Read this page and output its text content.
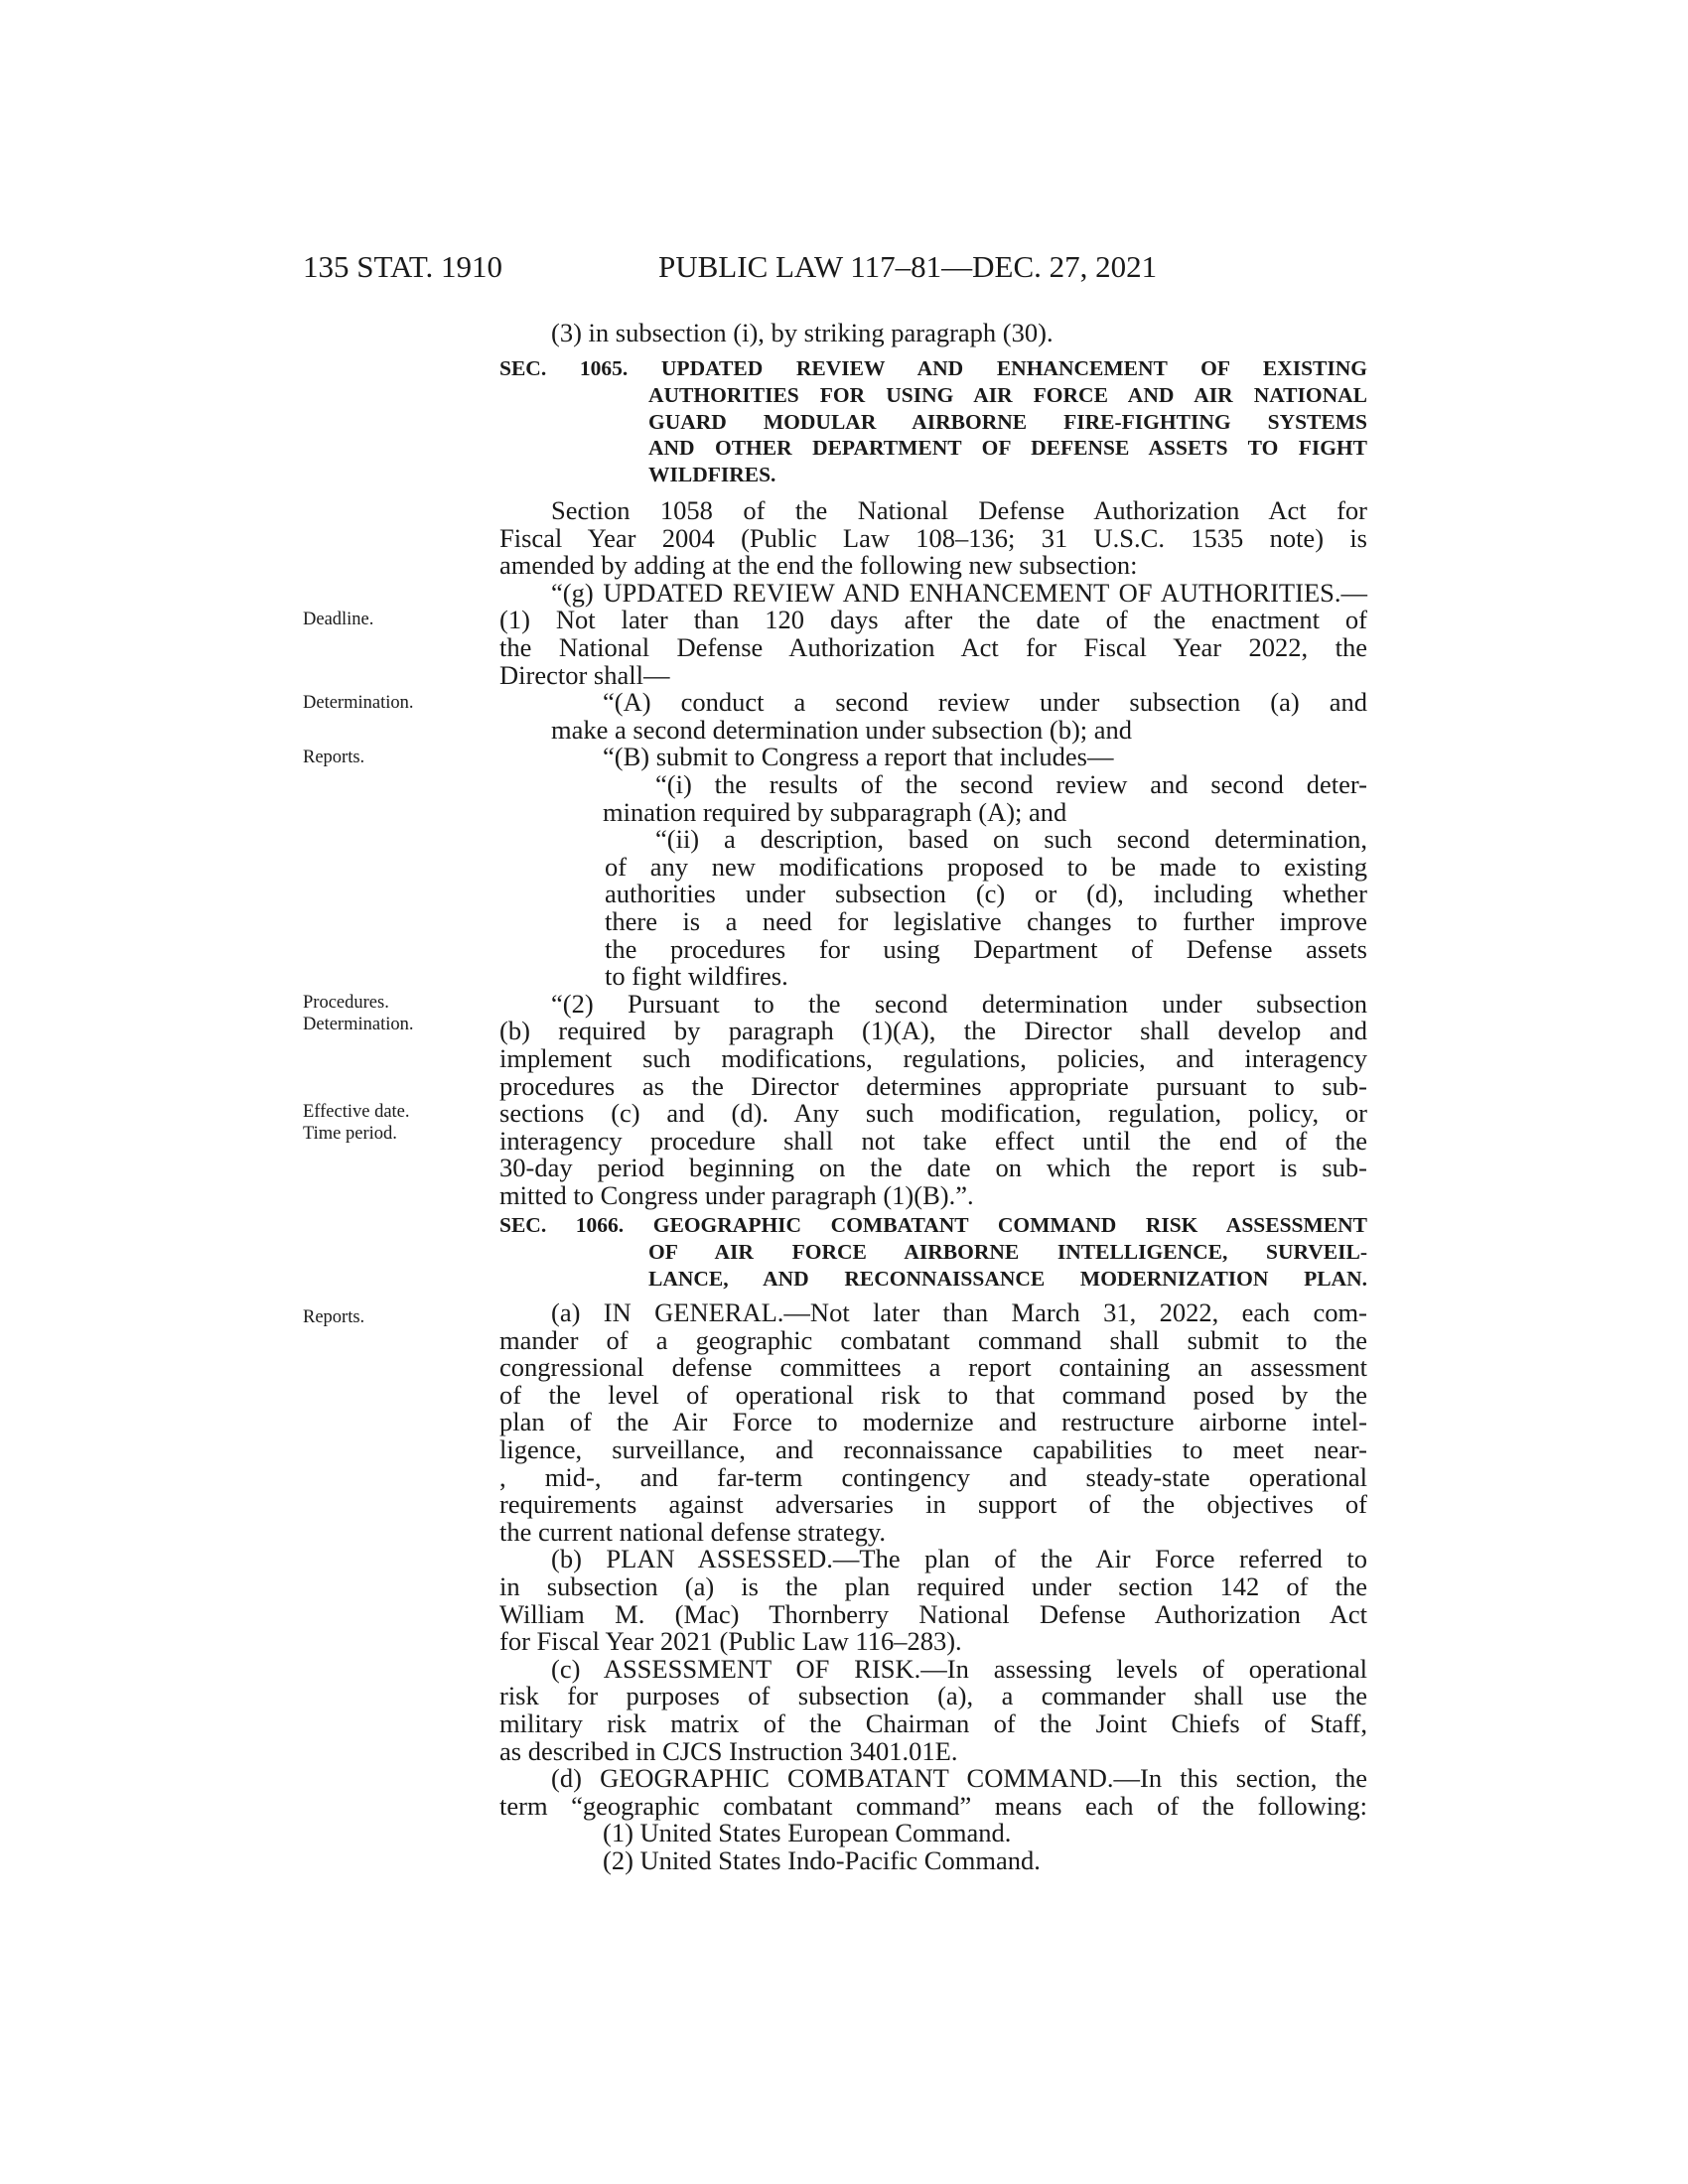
135 STAT. 1910	PUBLIC LAW 117–81—DEC. 27, 2021
(3) in subsection (i), by striking paragraph (30).
SEC. 1065. UPDATED REVIEW AND ENHANCEMENT OF EXISTING
AUTHORITIES FOR USING AIR FORCE AND AIR NATIONAL
GUARD MODULAR AIRBORNE FIRE-FIGHTING SYSTEMS
AND OTHER DEPARTMENT OF DEFENSE ASSETS TO FIGHT
WILDFIRES.
Section 1058 of the National Defense Authorization Act for
Fiscal Year 2004 (Public Law 108–136; 31 U.S.C. 1535 note) is
amended by adding at the end the following new subsection:
“(g) UPDATED REVIEW AND ENHANCEMENT OF AUTHORITIES.—
(1) Not later than 120 days after the date of the enactment of
the National Defense Authorization Act for Fiscal Year 2022, the
Director shall—
“(A) conduct a second review under subsection (a) and
make a second determination under subsection (b); and
“(B) submit to Congress a report that includes—
“(i) the results of the second review and second deter-
mination required by subparagraph (A); and
“(ii) a description, based on such second determination,
of any new modifications proposed to be made to existing
authorities under subsection (c) or (d), including whether
there is a need for legislative changes to further improve
the procedures for using Department of Defense assets
to fight wildfires.
“(2) Pursuant to the second determination under subsection
(b) required by paragraph (1)(A), the Director shall develop and
implement such modifications, regulations, policies, and interagency
procedures as the Director determines appropriate pursuant to sub-
sections (c) and (d). Any such modification, regulation, policy, or
interagency procedure shall not take effect until the end of the
30-day period beginning on the date on which the report is sub-
mitted to Congress under paragraph (1)(B).”.
SEC. 1066. GEOGRAPHIC COMBATANT COMMAND RISK ASSESSMENT
OF AIR FORCE AIRBORNE INTELLIGENCE, SURVEIL-
LANCE, AND RECONNAISSANCE MODERNIZATION PLAN.
(a) IN GENERAL.—Not later than March 31, 2022, each com-
mander of a geographic combatant command shall submit to the
congressional defense committees a report containing an assessment
of the level of operational risk to that command posed by the
plan of the Air Force to modernize and restructure airborne intel-
ligence, surveillance, and reconnaissance capabilities to meet near-
, mid-, and far-term contingency and steady-state operational
requirements against adversaries in support of the objectives of
the current national defense strategy.
(b) PLAN ASSESSED.—The plan of the Air Force referred to
in subsection (a) is the plan required under section 142 of the
William M. (Mac) Thornberry National Defense Authorization Act
for Fiscal Year 2021 (Public Law 116–283).
(c) ASSESSMENT OF RISK.—In assessing levels of operational
risk for purposes of subsection (a), a commander shall use the
military risk matrix of the Chairman of the Joint Chiefs of Staff,
as described in CJCS Instruction 3401.01E.
(d) GEOGRAPHIC COMBATANT COMMAND.—In this section, the
term “geographic combatant command” means each of the following:
(1) United States European Command.
(2) United States Indo-Pacific Command.
Deadline.
Determination.
Reports.
Procedures.
Determination.
Effective date.
Time period.
Reports.
